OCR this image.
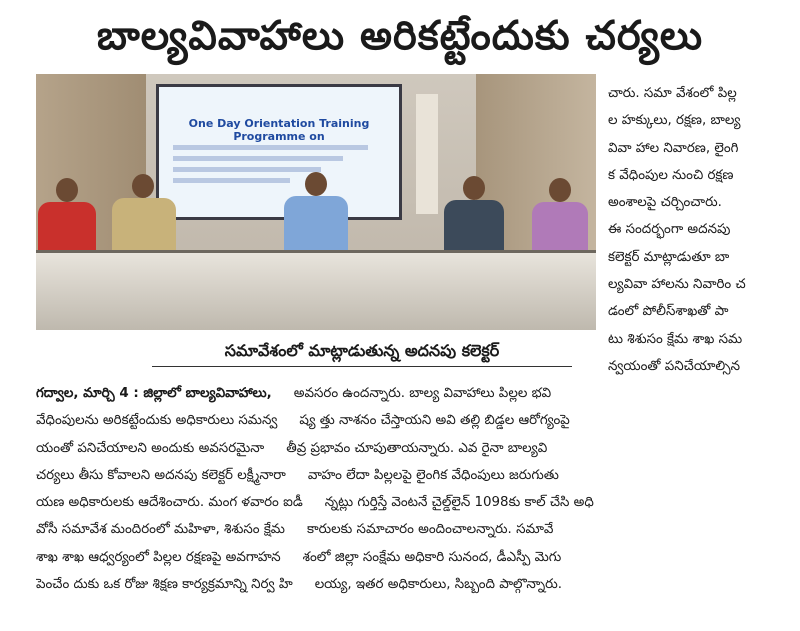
బాల్యవివాహాలు అరికట్టేందుకు చర్యలు
One Day Orientation Training Programme on
సమావేశంలో మాట్లాడుతున్న అదనపు కలెక్టర్
చారు. సమా వేశంలో పిల్ల
ల హక్కులు, రక్షణ, బాల్య
వివా హాల నివారణ, లైంగి
క వేధింపుల నుంచి రక్షణ
అంశాలపై చర్చించారు.
ఈ సందర్భంగా అదనపు
కలెక్టర్ మాట్లాడుతూ బా
ల్యవివా హాలను నివారిం చ
డంలో పోలీస్‌శాఖతో పా
టు శిశుసం క్షేమ శాఖ సమ
న్వయంతో పనిచేయాల్సిన
గద్వాల, మార్చి 4 : జిల్లాలో బాల్యవివాహాలు, అవసరం ఉందన్నారు. బాల్య వివాహాలు పిల్లల భవి
వేధింపులను అరికట్టేందుకు అధికారులు సమన్వ ష్య త్తు నాశనం చేస్తాయని అవి తల్లి బిడ్డల ఆరోగ్యంపై
యంతో పనిచేయాలని అందుకు అవసరమైనా తీవ్ర ప్రభావం చూపుతాయన్నారు. ఎవ రైనా బాల్యవి
చర్యలు తీసు కోవాలని అదనపు కలెక్టర్ లక్ష్మీనారా వాహం లేదా పిల్లలపై లైంగిక వేధింపులు జరుగుతు
యణ అధికారులకు ఆదేశించారు. మంగ ళవారం ఐడీ న్నట్లు గుర్తిస్తే వెంటనే చైల్డ్‌లైన్ 1098కు కాల్ చేసి అధి
వోసీ సమావేశ మందిరంలో మహిళా, శిశుసం క్షేమ కారులకు సమాచారం అందించాలన్నారు. సమావే
శాఖ శాఖ ఆధ్వర్యంలో పిల్లల రక్షణపై అవగాహన శంలో జిల్లా సంక్షేమ అధికారి సునంద, డీఎస్పీ మెగు
పెంచేం దుకు ఒక రోజు శిక్షణ కార్యక్రమాన్ని నిర్వ హి లయ్య, ఇతర అధికారులు, సిబ్బంది పాల్గొన్నారు.
